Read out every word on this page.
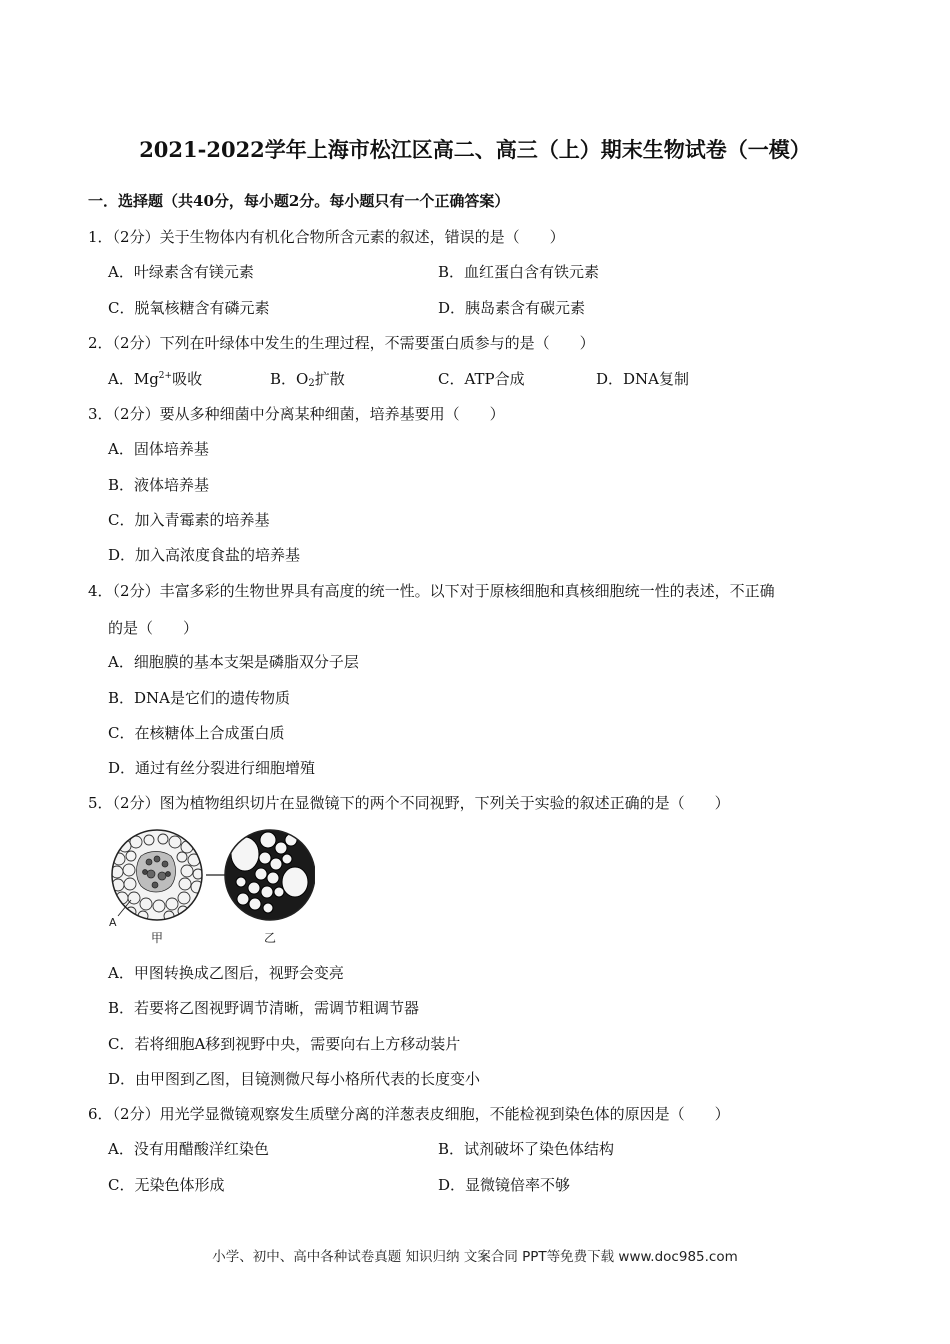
2021-2022学年上海市松江区高二、高三（上）期末生物试卷（一模）
一．选择题（共40分，每小题2分。每小题只有一个正确答案）
1．（2分）关于生物体内有机化合物所含元素的叙述，错误的是（　　）
A．叶绿素含有镁元素	B．血红蛋白含有铁元素
C．脱氧核糖含有磷元素	D．胰岛素含有碳元素
2．（2分）下列在叶绿体中发生的生理过程，不需要蛋白质参与的是（　　）
A．$Mg^{2+}$吸收	B．$O_2$扩散	C．ATP合成	D．DNA复制
3．（2分）要从多种细菌中分离某种细菌，培养基要用（　　）
A．固体培养基
B．液体培养基
C．加入青霉素的培养基
D．加入高浓度食盐的培养基
4．（2分）丰富多彩的生物世界具有高度的统一性。以下对于原核细胞和真核细胞统一性的表述，不正确
的是（　　）
A．细胞膜的基本支架是磷脂双分子层
B．DNA是它们的遗传物质
C．在核糖体上合成蛋白质
D．通过有丝分裂进行细胞增殖
5．（2分）图为植物组织切片在显微镜下的两个不同视野，下列关于实验的叙述正确的是（　　）
A
甲	乙
A．甲图转换成乙图后，视野会变亮
B．若要将乙图视野调节清晰，需调节粗调节器
C．若将细胞A移到视野中央，需要向右上方移动装片
D．由甲图到乙图，目镜测微尺每小格所代表的长度变小
6．（2分）用光学显微镜观察发生质壁分离的洋葱表皮细胞，不能检视到染色体的原因是（　　）
A．没有用醋酸洋红染色	B．试剂破坏了染色体结构
C．无染色体形成	D．显微镜倍率不够
小学、初中、高中各种试卷真题 知识归纳 文案合同 PPT等免费下载 www.doc985.com
